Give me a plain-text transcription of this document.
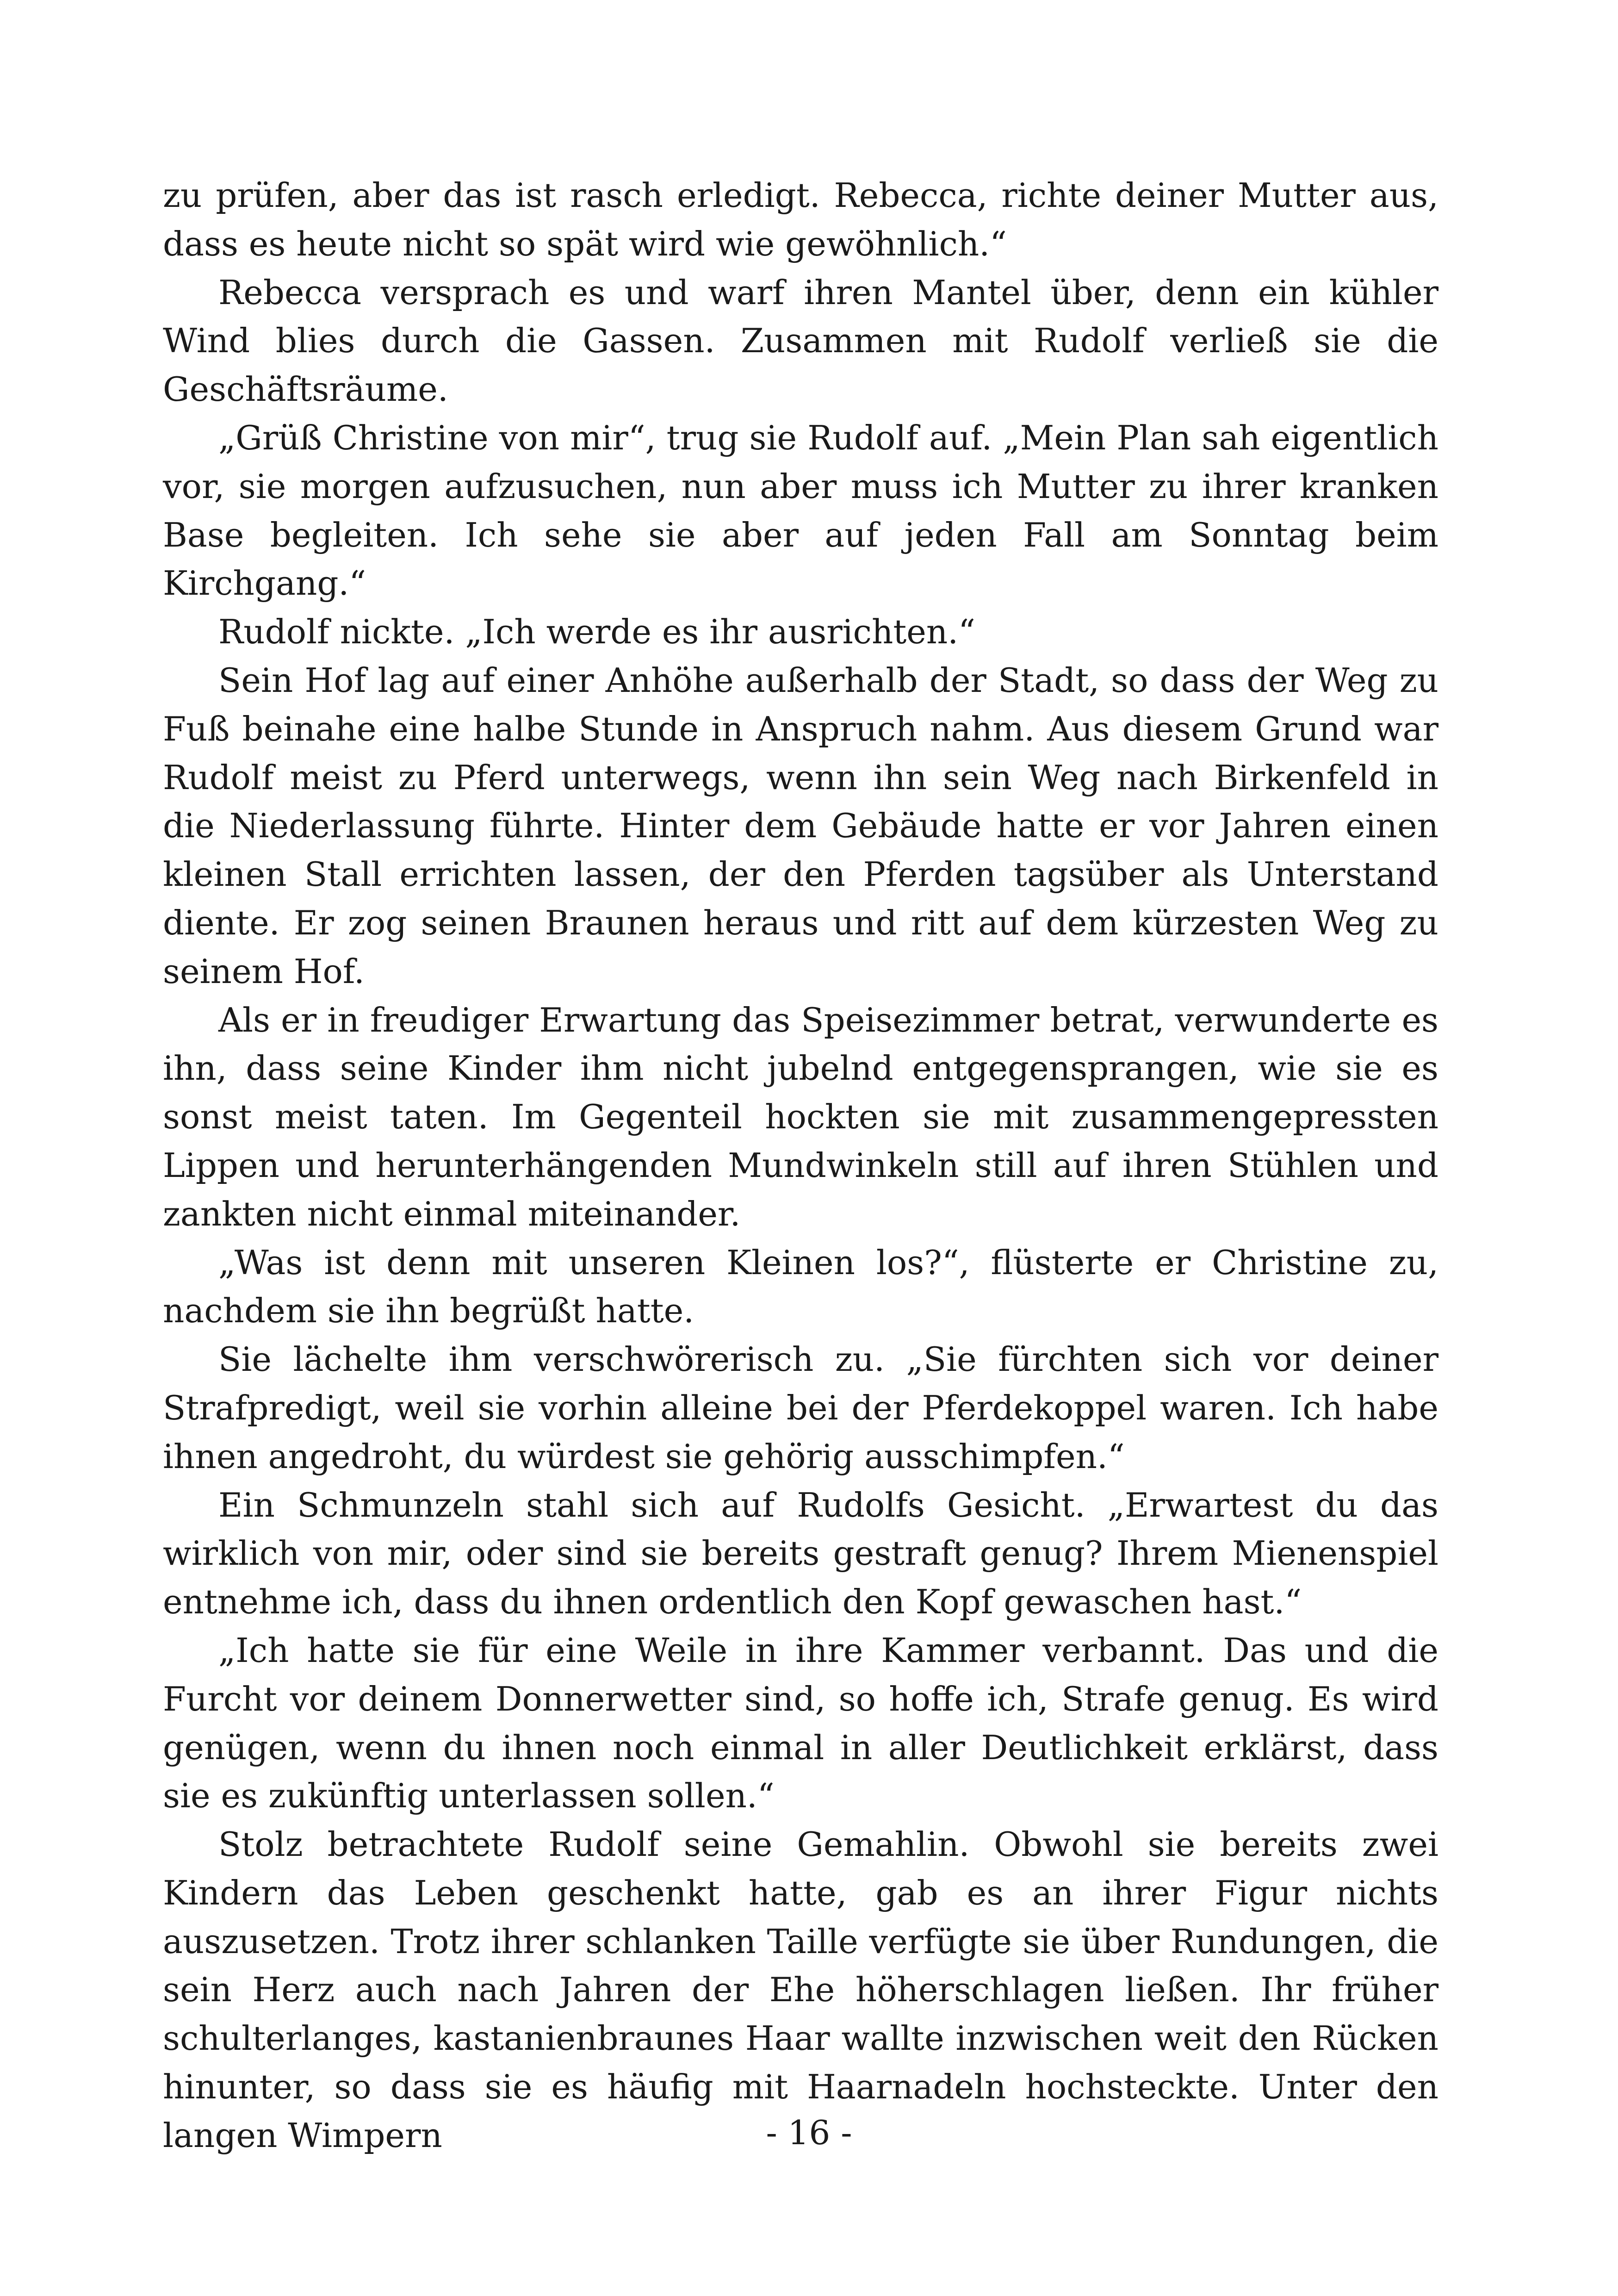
zu prüfen, aber das ist rasch erledigt. Rebecca, richte deiner Mutter aus, dass es heute nicht so spät wird wie gewöhnlich.“

Rebecca versprach es und warf ihren Mantel über, denn ein kühler Wind blies durch die Gassen. Zusammen mit Rudolf verließ sie die Geschäftsräume.

„Grüß Christine von mir“, trug sie Rudolf auf. „Mein Plan sah eigentlich vor, sie morgen aufzusuchen, nun aber muss ich Mutter zu ihrer kranken Base begleiten. Ich sehe sie aber auf jeden Fall am Sonntag beim Kirchgang.“

Rudolf nickte. „Ich werde es ihr ausrichten.“

Sein Hof lag auf einer Anhöhe außerhalb der Stadt, so dass der Weg zu Fuß beinahe eine halbe Stunde in Anspruch nahm. Aus diesem Grund war Rudolf meist zu Pferd unterwegs, wenn ihn sein Weg nach Birkenfeld in die Niederlassung führte. Hinter dem Gebäude hatte er vor Jahren einen kleinen Stall errichten lassen, der den Pferden tagsüber als Unterstand diente. Er zog seinen Braunen heraus und ritt auf dem kürzesten Weg zu seinem Hof.

Als er in freudiger Erwartung das Speisezimmer betrat, verwunderte es ihn, dass seine Kinder ihm nicht jubelnd entgegensprangen, wie sie es sonst meist taten. Im Gegenteil hockten sie mit zusammengepressten Lippen und herunterhängenden Mundwinkeln still auf ihren Stühlen und zankten nicht einmal miteinander.

„Was ist denn mit unseren Kleinen los?“, flüsterte er Christine zu, nachdem sie ihn begrüßt hatte.

Sie lächelte ihm verschwörerisch zu. „Sie fürchten sich vor deiner Strafpredigt, weil sie vorhin alleine bei der Pferdekoppel waren. Ich habe ihnen angedroht, du würdest sie gehörig ausschimpfen.“

Ein Schmunzeln stahl sich auf Rudolfs Gesicht. „Erwartest du das wirklich von mir, oder sind sie bereits gestraft genug? Ihrem Mienenspiel entnehme ich, dass du ihnen ordentlich den Kopf gewaschen hast.“

„Ich hatte sie für eine Weile in ihre Kammer verbannt. Das und die Furcht vor deinem Donnerwetter sind, so hoffe ich, Strafe genug. Es wird genügen, wenn du ihnen noch einmal in aller Deutlichkeit erklärst, dass sie es zukünftig unterlassen sollen.“

Stolz betrachtete Rudolf seine Gemahlin. Obwohl sie bereits zwei Kindern das Leben geschenkt hatte, gab es an ihrer Figur nichts auszusetzen. Trotz ihrer schlanken Taille verfügte sie über Rundungen, die sein Herz auch nach Jahren der Ehe höherschlagen ließen. Ihr früher schulterlanges, kastanienbraunes Haar wallte inzwischen weit den Rücken hinunter, so dass sie es häufig mit Haarnadeln hochsteckte. Unter den langen Wimpern	- 16 -
